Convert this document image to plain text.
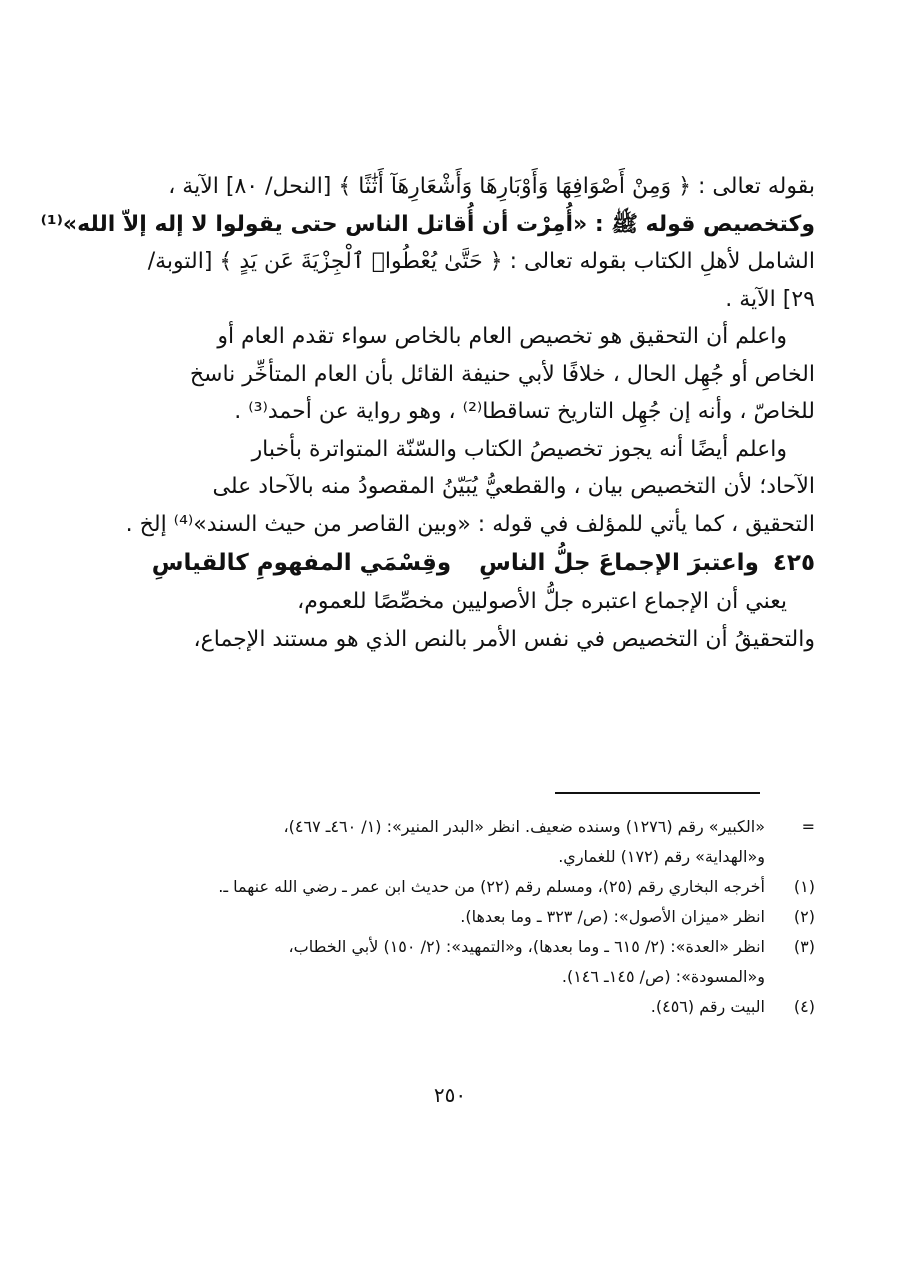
بقوله تعالى : ﴿ وَمِنْ أَصْوَافِهَا وَأَوْبَارِهَا وَأَشْعَارِهَآ أَثَٰثًا ﴾ [النحل/ ٨٠] الآية ،
وكتخصيص قوله ﷺ : «أُمِرْت أن أُقاتل الناس حتى يقولوا لا إله إلاّ الله»⁽¹⁾
الشامل لأهلِ الكتاب بقوله تعالى : ﴿ حَتَّىٰ يُعْطُوا۟ ٱلْجِزْيَةَ عَن يَدٍ ﴾ [التوبة/
٢٩] الآية .
واعلم أن التحقيق هو تخصيص العام بالخاص سواء تقدم العام أو
الخاص أو جُهِل الحال ، خلافًا لأبي حنيفة القائل بأن العام المتأخِّر ناسخ
للخاصّ ، وأنه إن جُهِل التاريخ تساقطا⁽²⁾ ، وهو رواية عن أحمد⁽³⁾ .
واعلم أيضًا أنه يجوز تخصيصُ الكتاب والسّنّة المتواترة بأخبار
الآحاد؛ لأن التخصيص بيان ، والقطعيُّ يُبَيّنُ المقصودُ منه بالآحاد على
التحقيق ، كما يأتي للمؤلف في قوله : «وبين القاصر من حيث السند»⁽⁴⁾ إلخ .
٤٢٥واعتبرَ الإجماعَ جلُّ الناسِوقِسْمَي المفهومِ كالقياسِ
يعني أن الإجماع اعتبره جلُّ الأصوليين مخصِّصًا للعموم،
والتحقيقُ أن التخصيص في نفس الأمر بالنص الذي هو مستند الإجماع،
=
«الكبير» رقم (١٢٧٦) وسنده ضعيف. انظر «البدر المنير»: (١/ ٤٦٠ـ ٤٦٧)،
و«الهداية» رقم (١٧٢) للغماري.
(١)
أخرجه البخاري رقم (٢٥)، ومسلم رقم (٢٢) من حديث ابن عمر ـ رضي الله عنهما ـ.
(٢)
انظر «ميزان الأصول»: (ص/ ٣٢٣ ـ وما بعدها).
(٣)
انظر «العدة»: (٢/ ٦١٥ ـ وما بعدها)، و«التمهيد»: (٢/ ١٥٠) لأبي الخطاب،
و«المسودة»: (ص/ ١٤٥ـ ١٤٦).
(٤)
البيت رقم (٤٥٦).
٢٥٠
